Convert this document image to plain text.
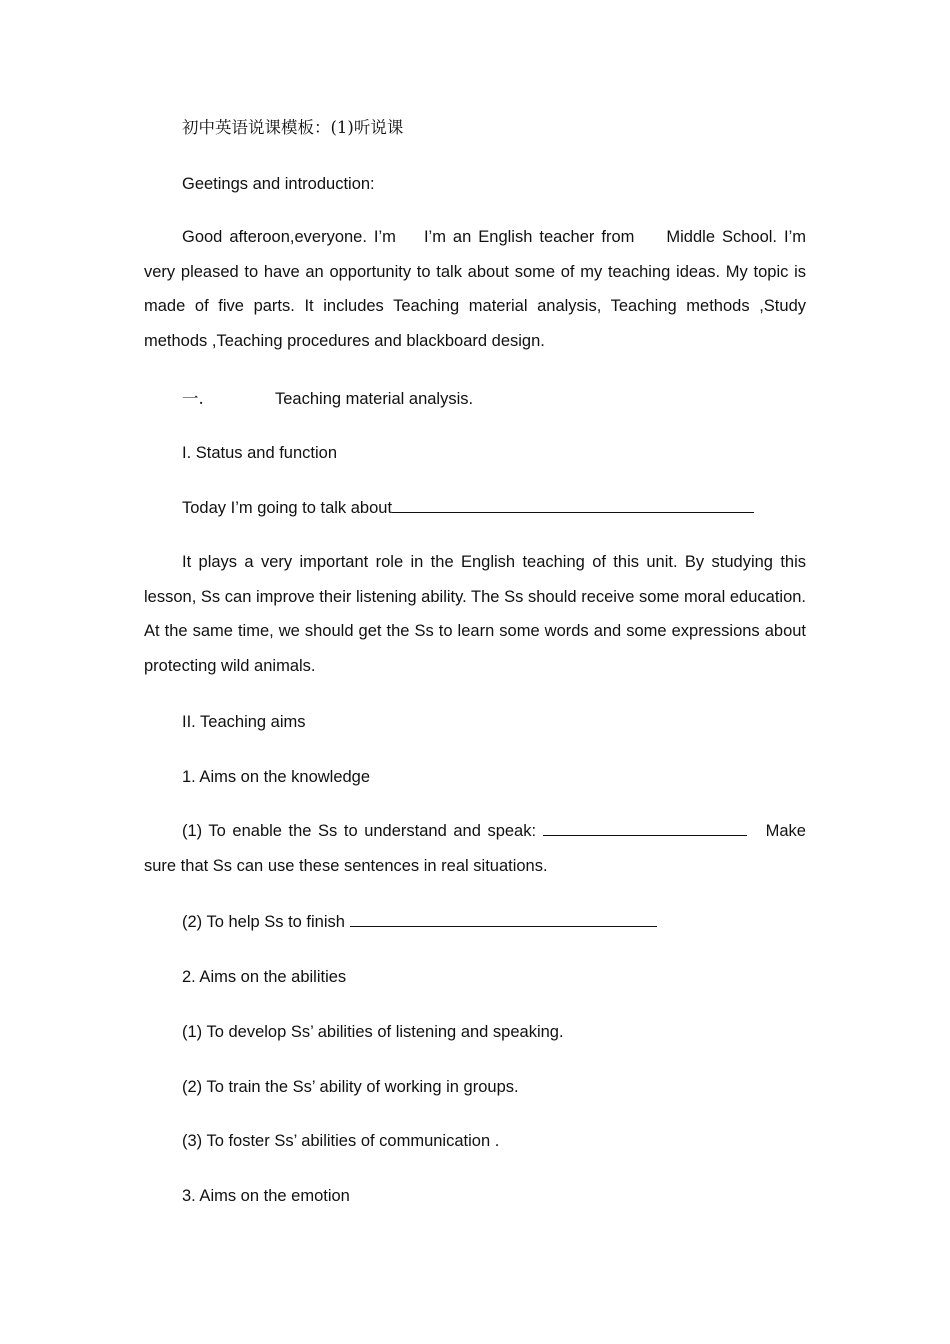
初中英语说课模板：(1)听说课
Geetings and introduction:
Good afteroon,everyone. I’m I’m an English teacher from Middle School. I’m very pleased to have an opportunity to talk about some of my teaching ideas. My topic is made of five parts. It includes Teaching material analysis, Teaching methods ,Study methods ,Teaching procedures and blackboard design.
一.	Teaching material analysis.
I. Status and function
Today I’m going to talk about
It plays a very important role in the English teaching of this unit. By studying this lesson, Ss can improve their listening ability. The Ss should receive some moral education. At the same time, we should get the Ss to learn some words and some expressions about protecting wild animals.
II. Teaching aims
1. Aims on the knowledge
(1) To enable the Ss to understand and speak:	Make sure that Ss can use these sentences in real situations.
(2) To help Ss to finish
2. Aims on the abilities
(1) To develop Ss’ abilities of listening and speaking.
(2) To train the Ss’ ability of working in groups.
(3) To foster Ss’ abilities of communication .
3. Aims on the emotion
